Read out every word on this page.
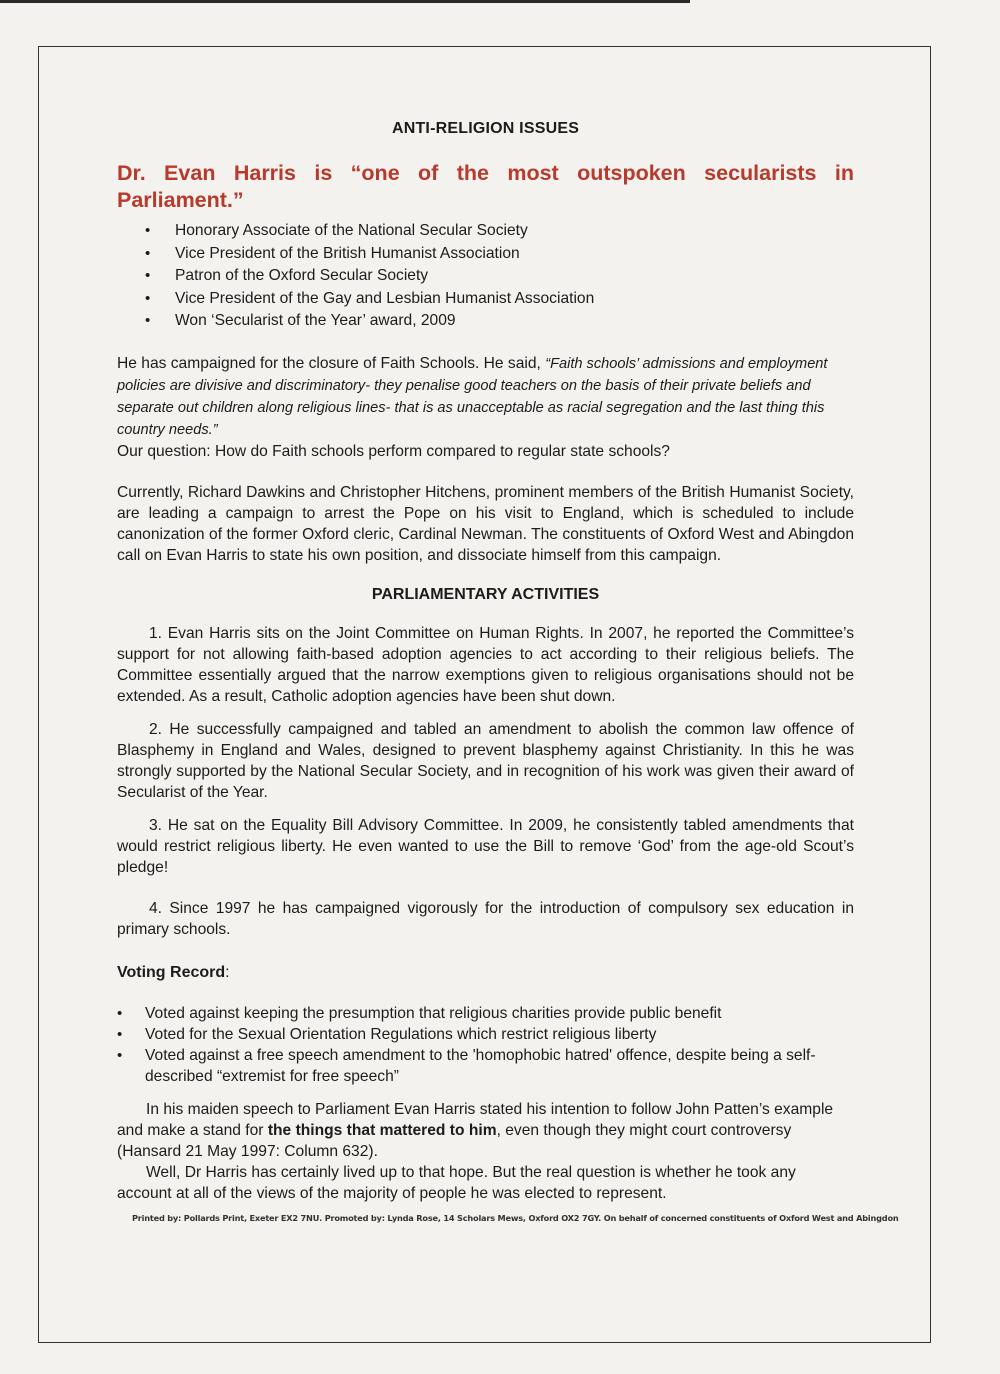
ANTI-RELIGION ISSUES
Dr. Evan Harris is “one of the most outspoken secularists in Parliament.”
• Honorary Associate of the National Secular Society
• Vice President of the British Humanist Association
• Patron of the Oxford Secular Society
• Vice President of the Gay and Lesbian Humanist Association
• Won ‘Secularist of the Year’ award, 2009

He has campaigned for the closure of Faith Schools. He said, “Faith schools’ admissions and employment policies are divisive and discriminatory- they penalise good teachers on the basis of their private beliefs and separate out children along religious lines- that is as unacceptable as racial segregation and the last thing this country needs.”

Our question: How do Faith schools perform compared to regular state schools?

Currently, Richard Dawkins and Christopher Hitchens, prominent members of the British Humanist Society, are leading a campaign to arrest the Pope on his visit to England, which is scheduled to include canonization of the former Oxford cleric, Cardinal Newman. The constituents of Oxford West and Abingdon call on Evan Harris to state his own position, and dissociate himself from this campaign.

PARLIAMENTARY ACTIVITIES

1. Evan Harris sits on the Joint Committee on Human Rights. In 2007, he reported the Committee’s support for not allowing faith-based adoption agencies to act according to their religious beliefs. The Committee essentially argued that the narrow exemptions given to religious organisations should not be extended. As a result, Catholic adoption agencies have been shut down.

2. He successfully campaigned and tabled an amendment to abolish the common law offence of Blasphemy in England and Wales, designed to prevent blasphemy against Christianity. In this he was strongly supported by the National Secular Society, and in recognition of his work was given their award of Secularist of the Year.

3. He sat on the Equality Bill Advisory Committee. In 2009, he consistently tabled amendments that would restrict religious liberty. He even wanted to use the Bill to remove ‘God’ from the age-old Scout’s pledge!

4. Since 1997 he has campaigned vigorously for the introduction of compulsory sex education in primary schools.

Voting Record:
• Voted against keeping the presumption that religious charities provide public benefit
• Voted for the Sexual Orientation Regulations which restrict religious liberty
• Voted against a free speech amendment to the 'homophobic hatred' offence, despite being a self-described “extremist for free speech”

In his maiden speech to Parliament Evan Harris stated his intention to follow John Patten’s example and make a stand for the things that mattered to him, even though they might court controversy (Hansard 21 May 1997: Column 632).

Well, Dr Harris has certainly lived up to that hope. But the real question is whether he took any account at all of the views of the majority of people he was elected to represent.

Printed by: Pollards Print, Exeter EX2 7NU. Promoted by: Lynda Rose, 14 Scholars Mews, Oxford OX2 7GY. On behalf of concerned constituents of Oxford West and Abingdon
